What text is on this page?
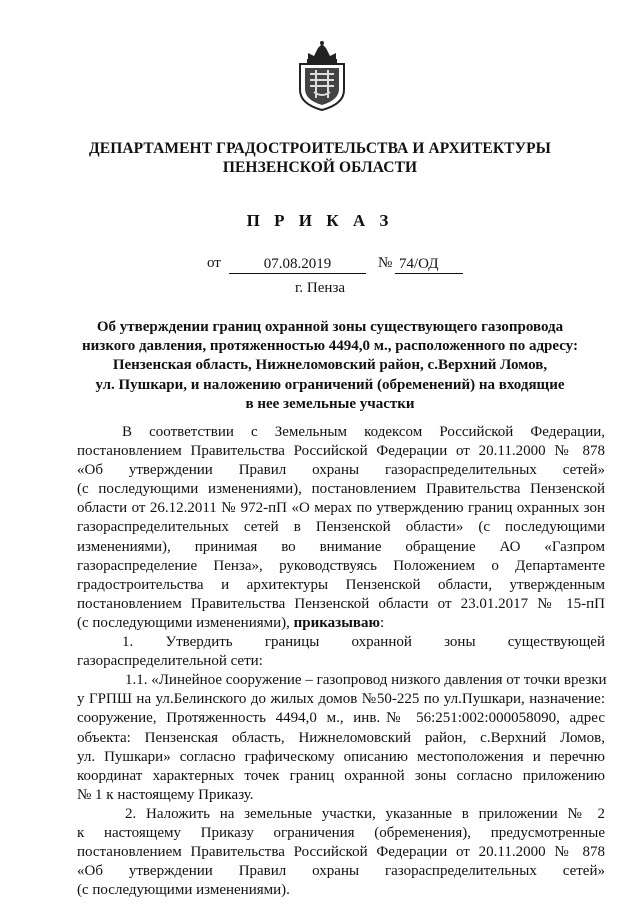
ДЕПАРТАМЕНТ ГРАДОСТРОИТЕЛЬСТВА И АРХИТЕКТУРЫ
ПЕНЗЕНСКОЙ ОБЛАСТИ
П Р И К А З
от	07.08.2019	№ 74/ОД
г. Пенза
Об утверждении границ охранной зоны существующего газопровода
низкого давления, протяженностью 4494,0 м., расположенного по адресу:
Пензенская область, Нижнеломовский район, с.Верхний Ломов,
ул. Пушкари, и наложению ограничений (обременений) на входящие
в нее земельные участки
В соответствии с Земельным кодексом Российской Федерации,
постановлением Правительства Российской Федерации от 20.11.2000 № 878
«Об утверждении Правил охраны газораспределительных сетей»
(с последующими изменениями), постановлением Правительства Пензенской
области от 26.12.2011 № 972-пП «О мерах по утверждению границ охранных зон
газораспределительных сетей в Пензенской области» (с последующими
изменениями), принимая во внимание обращение АО «Газпром
газораспределение Пенза», руководствуясь Положением о Департаменте
градостроительства и архитектуры Пензенской области, утвержденным
постановлением Правительства Пензенской области от 23.01.2017 № 15-пП
(с последующими изменениями), приказываю:
1. Утвердить границы охранной зоны существующей
газораспределительной сети:
1.1. «Линейное сооружение – газопровод низкого давления от точки врезки
у ГРПШ на ул.Белинского до жилых домов №50-225 по ул.Пушкари, назначение:
сооружение, Протяженность 4494,0 м., инв.№ 56:251:002:000058090, адрес
объекта: Пензенская область, Нижнеломовский район, с.Верхний Ломов,
ул. Пушкари» согласно графическому описанию местоположения и перечню
координат характерных точек границ охранной зоны согласно приложению
№ 1 к настоящему Приказу.
2. Наложить на земельные участки, указанные в приложении № 2
к настоящему Приказу ограничения (обременения), предусмотренные
постановлением Правительства Российской Федерации от 20.11.2000 № 878
«Об утверждении Правил охраны газораспределительных сетей»
(с последующими изменениями).
